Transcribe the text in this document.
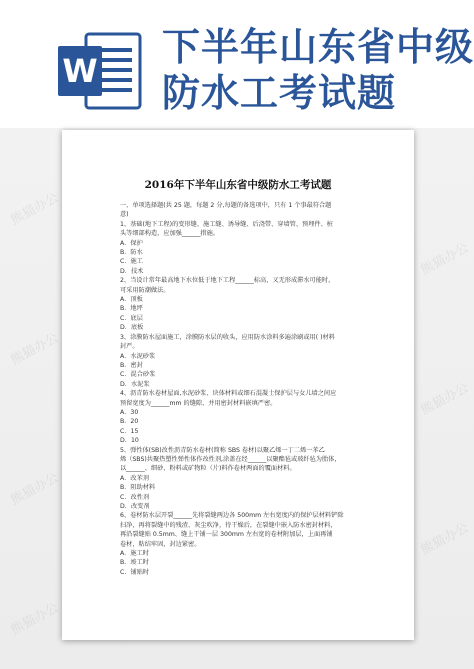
W
下半年山东省中级
防水工考试题
熊猫办公
熊猫办公
熊猫办公
熊猫办公
熊猫办公
熊猫办公
熊猫办公
2016年下半年山东省中级防水工考试题
一、单项选择题(共 25 题，每题 2 分,每题的备选项中，只有 1 个事最符合题
意)
1、基础(地下工程)的变形缝、施工缝、诱导缝、后浇带、穿墙管、预埋件、桩
头等细部构造，应加强______措施。
A．保护
B．防水
C．施工
D．技术
2、当设计常年最高地下水位低于地下工程______标高，又无形成滞水可能时，
可采用防潮做法。
A．顶板
B．地坪
C．底层
D．底板
3、涂膜防水屋面施工，涂膜防水层的收头，应用防水涂料多遍涂刷或用( )材料
封严。
A．水泥砂浆
B．密封
C．混合砂浆
D．水泥浆
4、沥青防水卷材屋面,水泥砂浆、块体材料或细石混凝土保护层与女儿墙之间应
预留宽度为______mm 的缝隙，并用密封材料嵌填严密。
A．30
B．20
C．15
D．10
5、弹性体(SB)改性沥青防水卷材(简称 SBS 卷材)以聚乙烯一丁二烯一苯乙
烯（SBS)共聚热塑性弹性体作改性剂,涂盖在经______以聚酯毡或玻纤毡为胎体，
以______、细砂、粉料或矿物粒（片)料作卷材两面的覆面材料。
A．改苯剂
B．阻助材料
C．改性剂
D．改变剂
6、卷材防水层开裂______先将裂缝两边各 500mm 左右宽度内的保护层材料铲除
扫净，再将裂缝中的残渣、灰尘吹净，待干燥后，在裂缝中嵌入防水密封材料，
再沿裂缝贴 0.5mm、缝上干铺一层 300mm 左右宽的卷材附加层，上面再铺
卷材，粘结牢固，封边紧密。
A．施工时
B．竣工时
C．铺贴时
